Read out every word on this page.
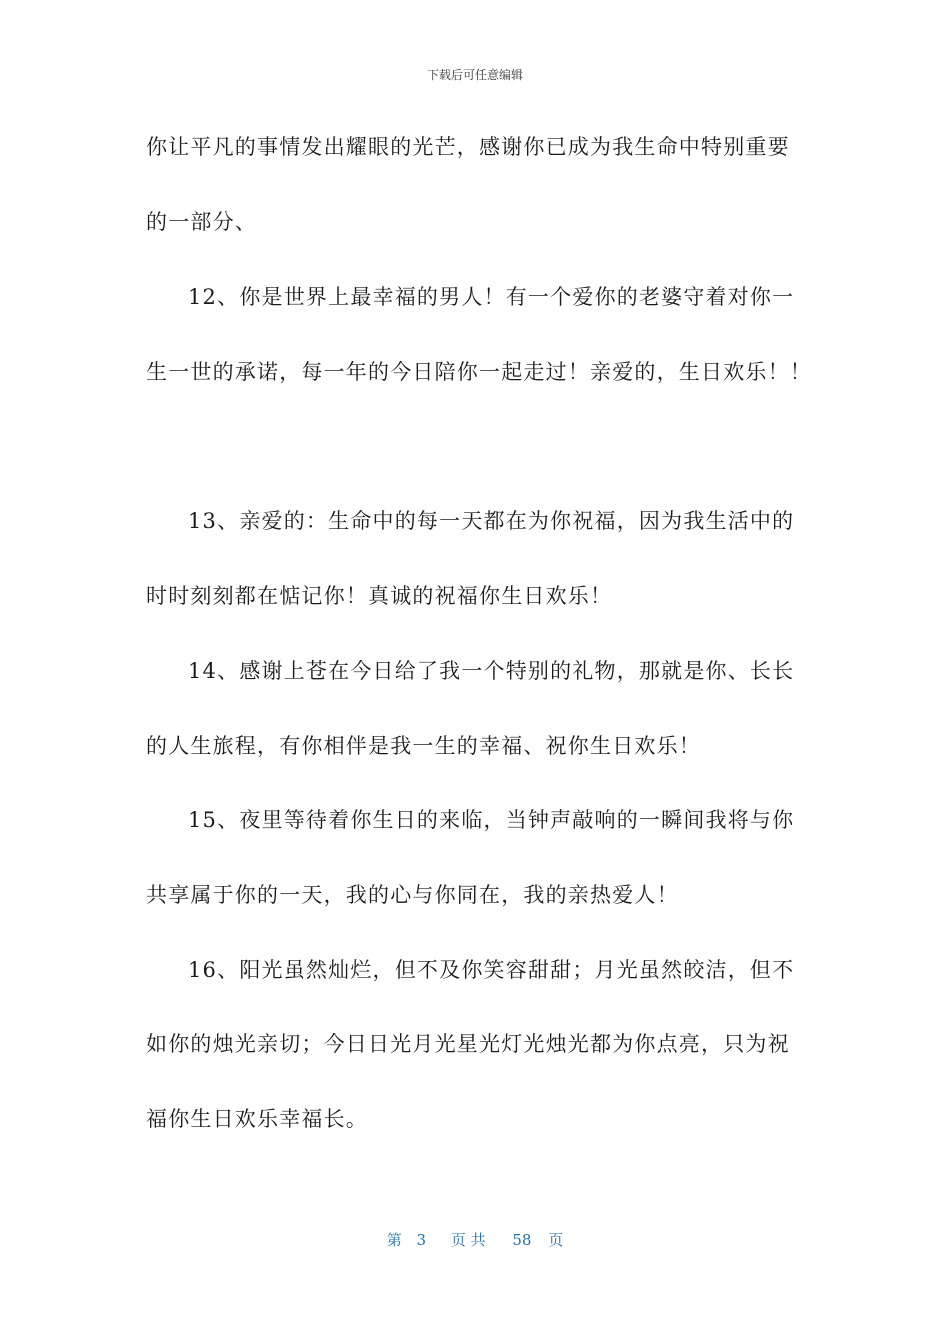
下载后可任意编辑
你让平凡的事情发出耀眼的光芒，感谢你已成为我生命中特别重要
的一部分、
12、你是世界上最幸福的男人！有一个爱你的老婆守着对你一
生一世的承诺，每一年的今日陪你一起走过！亲爱的，生日欢乐！！
13、亲爱的：生命中的每一天都在为你祝福，因为我生活中的
时时刻刻都在惦记你！真诚的祝福你生日欢乐！
14、感谢上苍在今日给了我一个特别的礼物，那就是你、长长
的人生旅程，有你相伴是我一生的幸福、祝你生日欢乐！
15、夜里等待着你生日的来临，当钟声敲响的一瞬间我将与你
共享属于你的一天，我的心与你同在，我的亲热爱人！
16、阳光虽然灿烂，但不及你笑容甜甜；月光虽然皎洁，但不
如你的烛光亲切；今日日光月光星光灯光烛光都为你点亮，只为祝
福你生日欢乐幸福长。
第 3 页 共 58 页
